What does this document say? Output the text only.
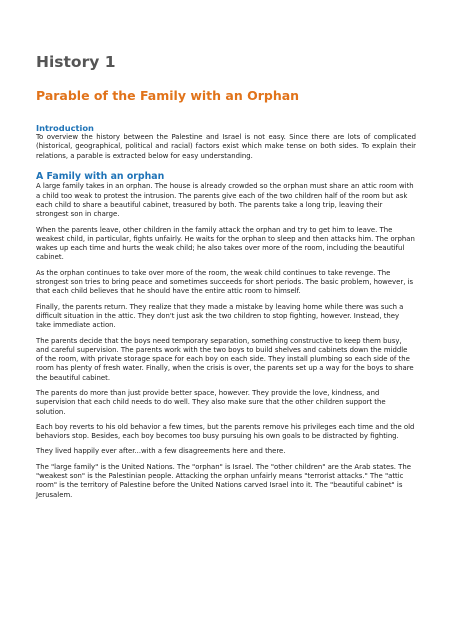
History 1
Parable of the Family with an Orphan
Introduction

To overview the history between the Palestine and Israel is not easy. Since there are lots of complicated (historical, geographical, political and racial) factors exist which make tense on both sides. To explain their relations, a parable is extracted below for easy understanding.

A Family with an orphan

A large family takes in an orphan. The house is already crowded so the orphan must share an attic room with a child too weak to protest the intrusion. The parents give each of the two children half of the room but ask each child to share a beautiful cabinet, treasured by both. The parents take a long trip, leaving their strongest son in charge.

When the parents leave, other children in the family attack the orphan and try to get him to leave. The weakest child, in particular, fights unfairly. He waits for the orphan to sleep and then attacks him. The orphan wakes up each time and hurts the weak child; he also takes over more of the room, including the beautiful cabinet.

As the orphan continues to take over more of the room, the weak child continues to take revenge. The strongest son tries to bring peace and sometimes succeeds for short periods. The basic problem, however, is that each child believes that he should have the entire attic room to himself.

Finally, the parents return. They realize that they made a mistake by leaving home while there was such a difficult situation in the attic. They don't just ask the two children to stop fighting, however. Instead, they take immediate action.

The parents decide that the boys need temporary separation, something constructive to keep them busy, and careful supervision. The parents work with the two boys to build shelves and cabinets down the middle of the room, with private storage space for each boy on each side. They install plumbing so each side of the room has plenty of fresh water. Finally, when the crisis is over, the parents set up a way for the boys to share the beautiful cabinet.

The parents do more than just provide better space, however. They provide the love, kindness, and supervision that each child needs to do well. They also make sure that the other children support the solution.

Each boy reverts to his old behavior a few times, but the parents remove his privileges each time and the old behaviors stop. Besides, each boy becomes too busy pursuing his own goals to be distracted by fighting.

They lived happily ever after...with a few disagreements here and there.

The "large family" is the United Nations. The "orphan" is Israel. The "other children" are the Arab states. The "weakest son" is the Palestinian people. Attacking the orphan unfairly means "terrorist attacks." The "attic room" is the territory of Palestine before the United Nations carved Israel into it. The "beautiful cabinet" is Jerusalem.
